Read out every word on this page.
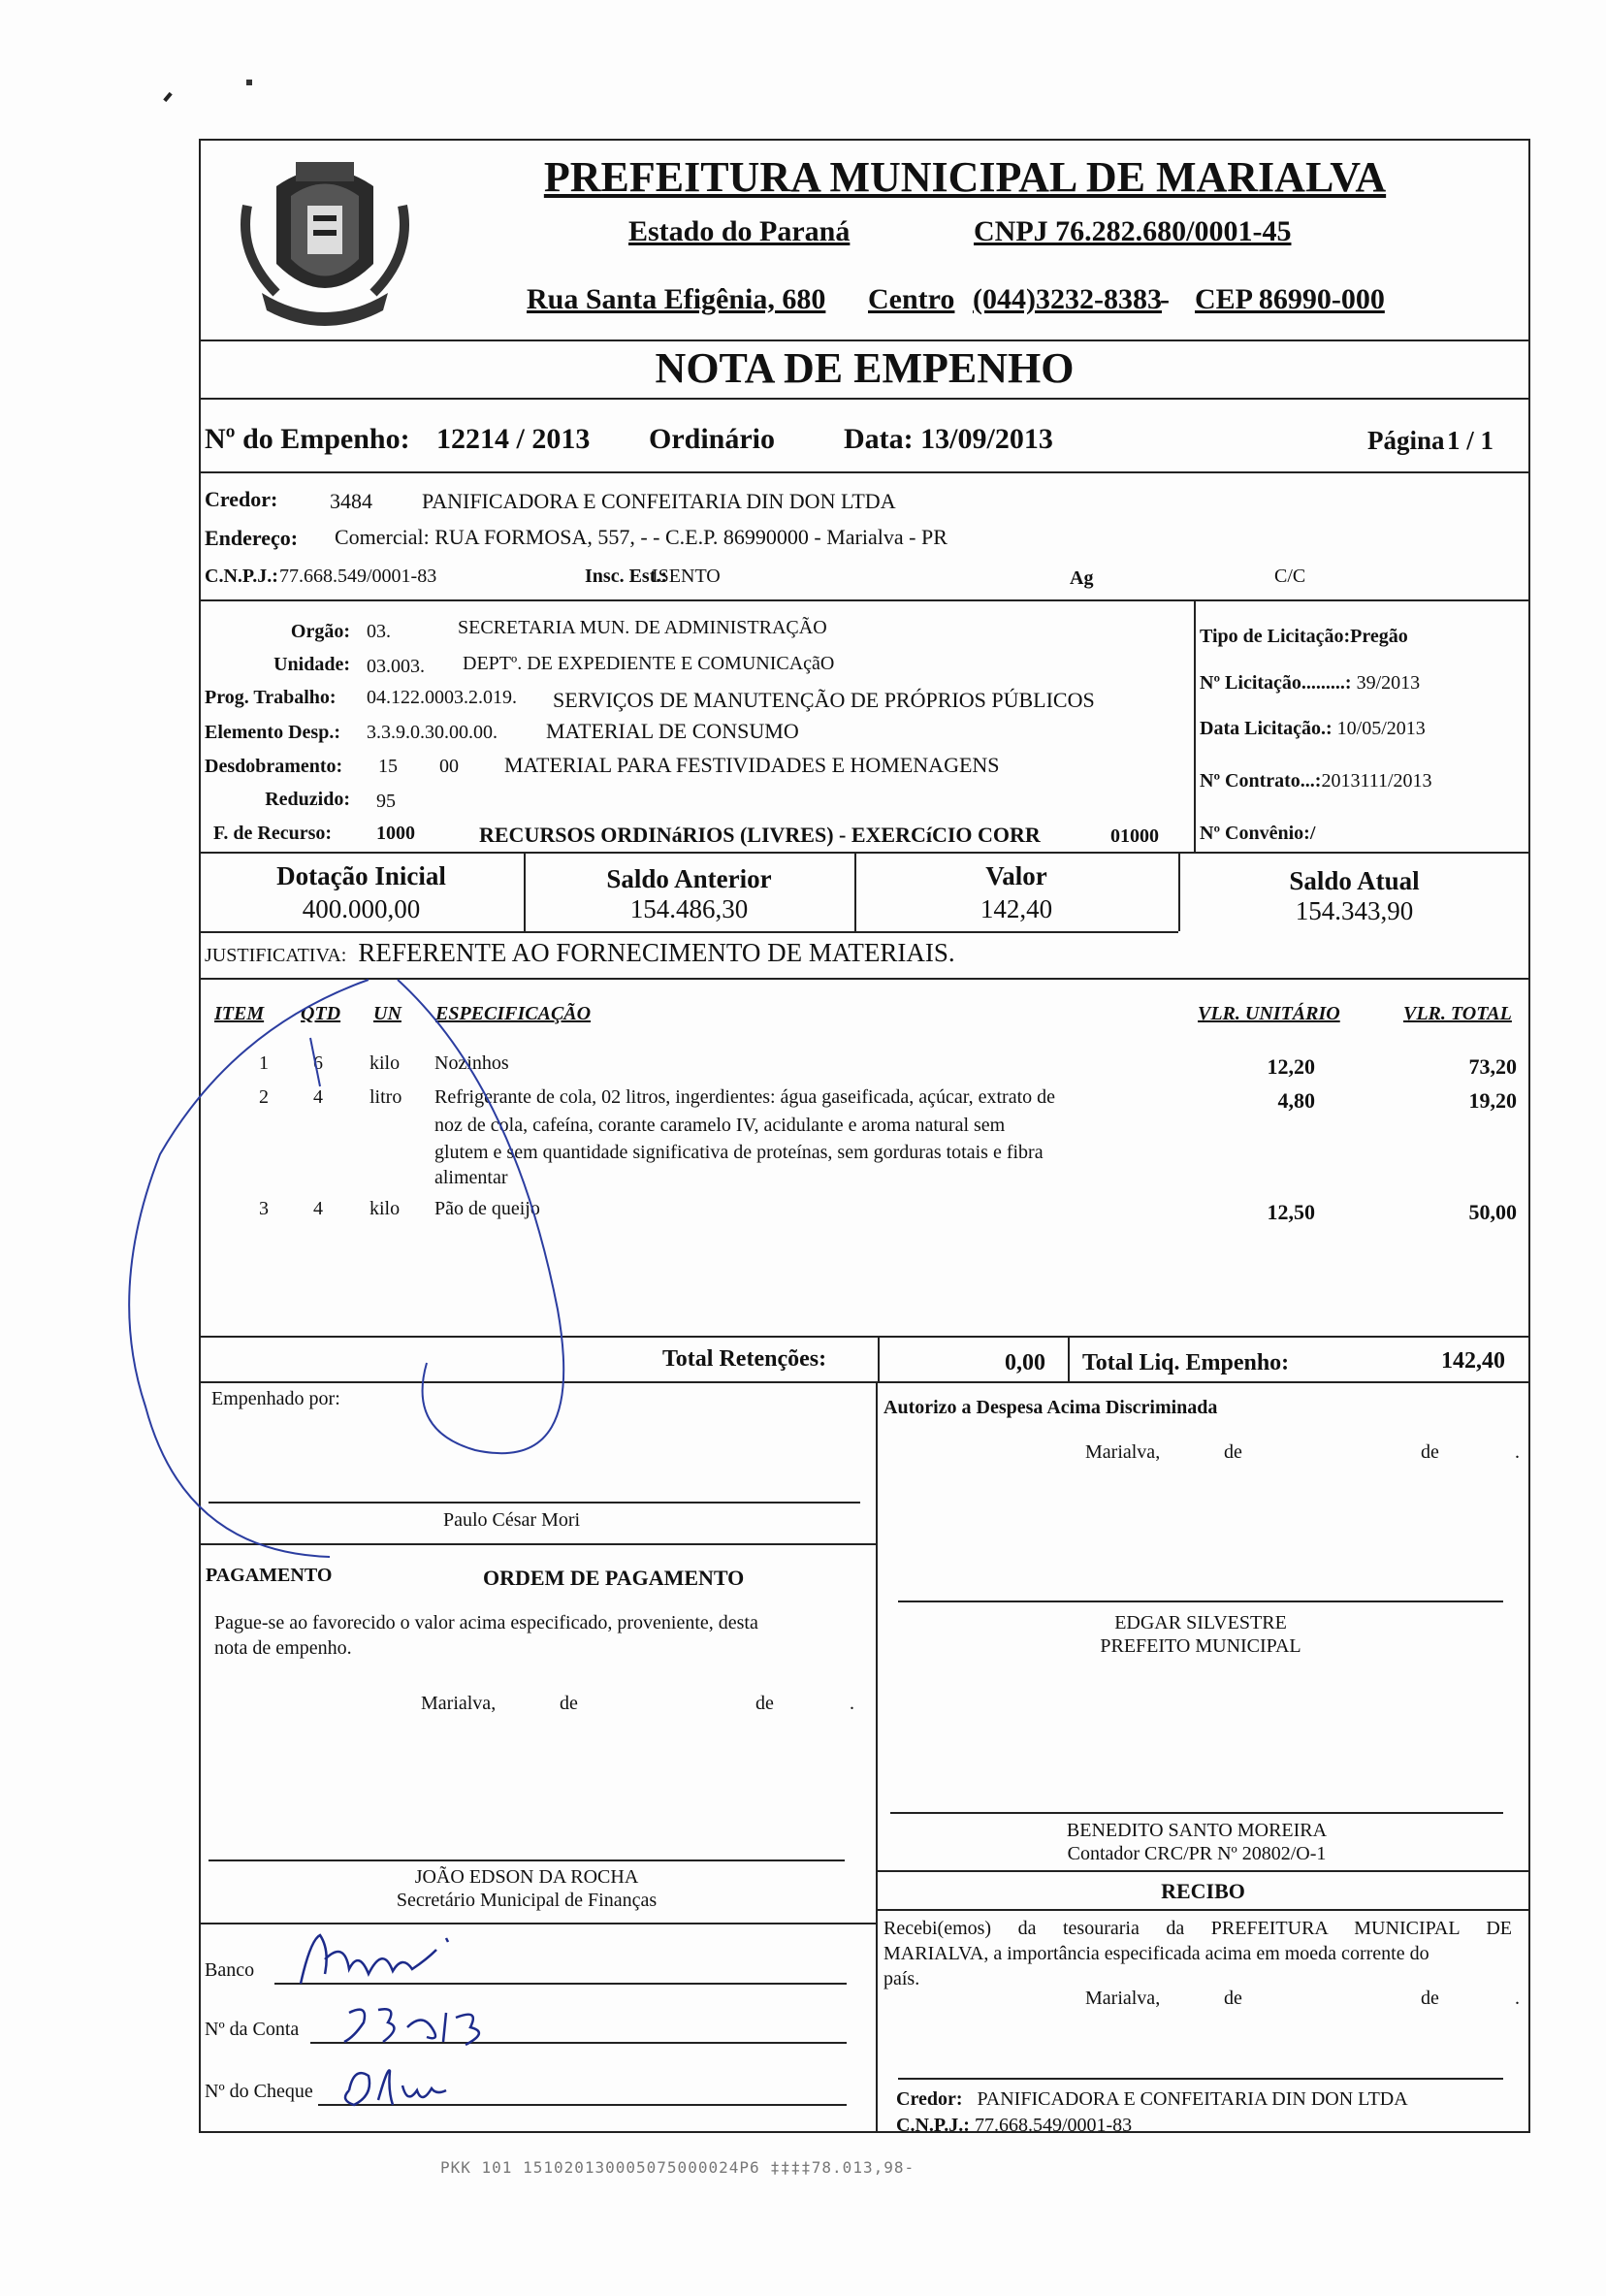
PREFEITURA MUNICIPAL DE MARIALVA
Estado do Paraná	CNPJ 76.282.680/0001-45
Rua Santa Efigênia, 680 Centro (044)3232-8383
- CEP 86990-000
NOTA DE EMPENHO
Nº do Empenho: 12214 / 2013 Ordinário Data: 13/09/2013	Página 1 / 1
Credor: 3484 PANIFICADORA E CONFEITARIA DIN DON LTDA
Endereço: Comercial: RUA FORMOSA, 557, - - C.E.P. 86990000 - Marialva - PR
C.N.P.J.: 77.668.549/0001-83	Insc. Est.:
ISENTO	Ag	C/C
Orgão: 03.	SECRETARIA MUN. DE ADMINISTRAÇÃO
Unidade: 03.003. DEPTº. DE EXPEDIENTE E COMUNICAçãO
Prog. Trabalho: 04.122.0003.2.019. SERVIÇOS DE MANUTENÇÃO DE PRÓPRIOS PÚBLICOS
Elemento Desp.: 3.3.9.0.30.00.00. MATERIAL DE CONSUMO
Desdobramento: 15 00 MATERIAL PARA FESTIVIDADES E HOMENAGENS
Reduzido: 95
F. de Recurso: 1000	RECURSOS ORDINáRIOS (LIVRES) - EXERCíCIO CORR	01000
Tipo de Licitação:Pregão
Nº Licitação.........: 39/2013
Data Licitação.: 10/05/2013
Nº Contrato...:2013111/2013
Nº Convênio:/
Dotação Inicial
400.000,00
Saldo Anterior
154.486,30
Valor
142,40
Saldo Atual
154.343,90
JUSTIFICATIVA: REFERENTE AO FORNECIMENTO DE MATERIAIS.
ITEM QTD UN ESPECIFICAÇÃO	VLR. UNITÁRIO	VLR. TOTAL
1 6 kilo Nozinhos	12,20	73,20
2 4 litro Refrigerante de cola, 02 litros, ingerdientes: água gaseificada, açúcar, extrato de
noz de cola, cafeína, corante caramelo IV, acidulante e aroma natural sem
glutem e sem quantidade significativa de proteínas, sem gorduras totais e fibra
alimentar
4,80	19,20
3 4 kilo Pão de queijo	12,50	50,00
Total Retenções:	0,00 Total Liq. Empenho:	142,40
Empenhado por:
Paulo César Mori
Autorizo a Despesa Acima Discriminada
Marialva,	de	de	.
PAGAMENTO	ORDEM DE PAGAMENTO
Pague-se ao favorecido o valor acima especificado, proveniente, desta
nota de empenho.
Marialva,	de	de	.
EDGAR SILVESTRE
PREFEITO MUNICIPAL
BENEDITO SANTO MOREIRA
Contador CRC/PR Nº 20802/O-1
JOÃO EDSON DA ROCHA
Secretário Municipal de Finanças	RECIBO
Recebi(emos) da tesouraria da PREFEITURA MUNICIPAL DE
MARIALVA, a importância especificada acima em moeda corrente do
país.
Marialva,	de	de	.
Credor: PANIFICADORA E CONFEITARIA DIN DON LTDA
C.N.P.J.: 77.668.549/0001-83
Banco
Nº da Conta
Nº do Cheque
PKK 101 151020130005075000024P6 ‡‡‡‡78.013,98-
